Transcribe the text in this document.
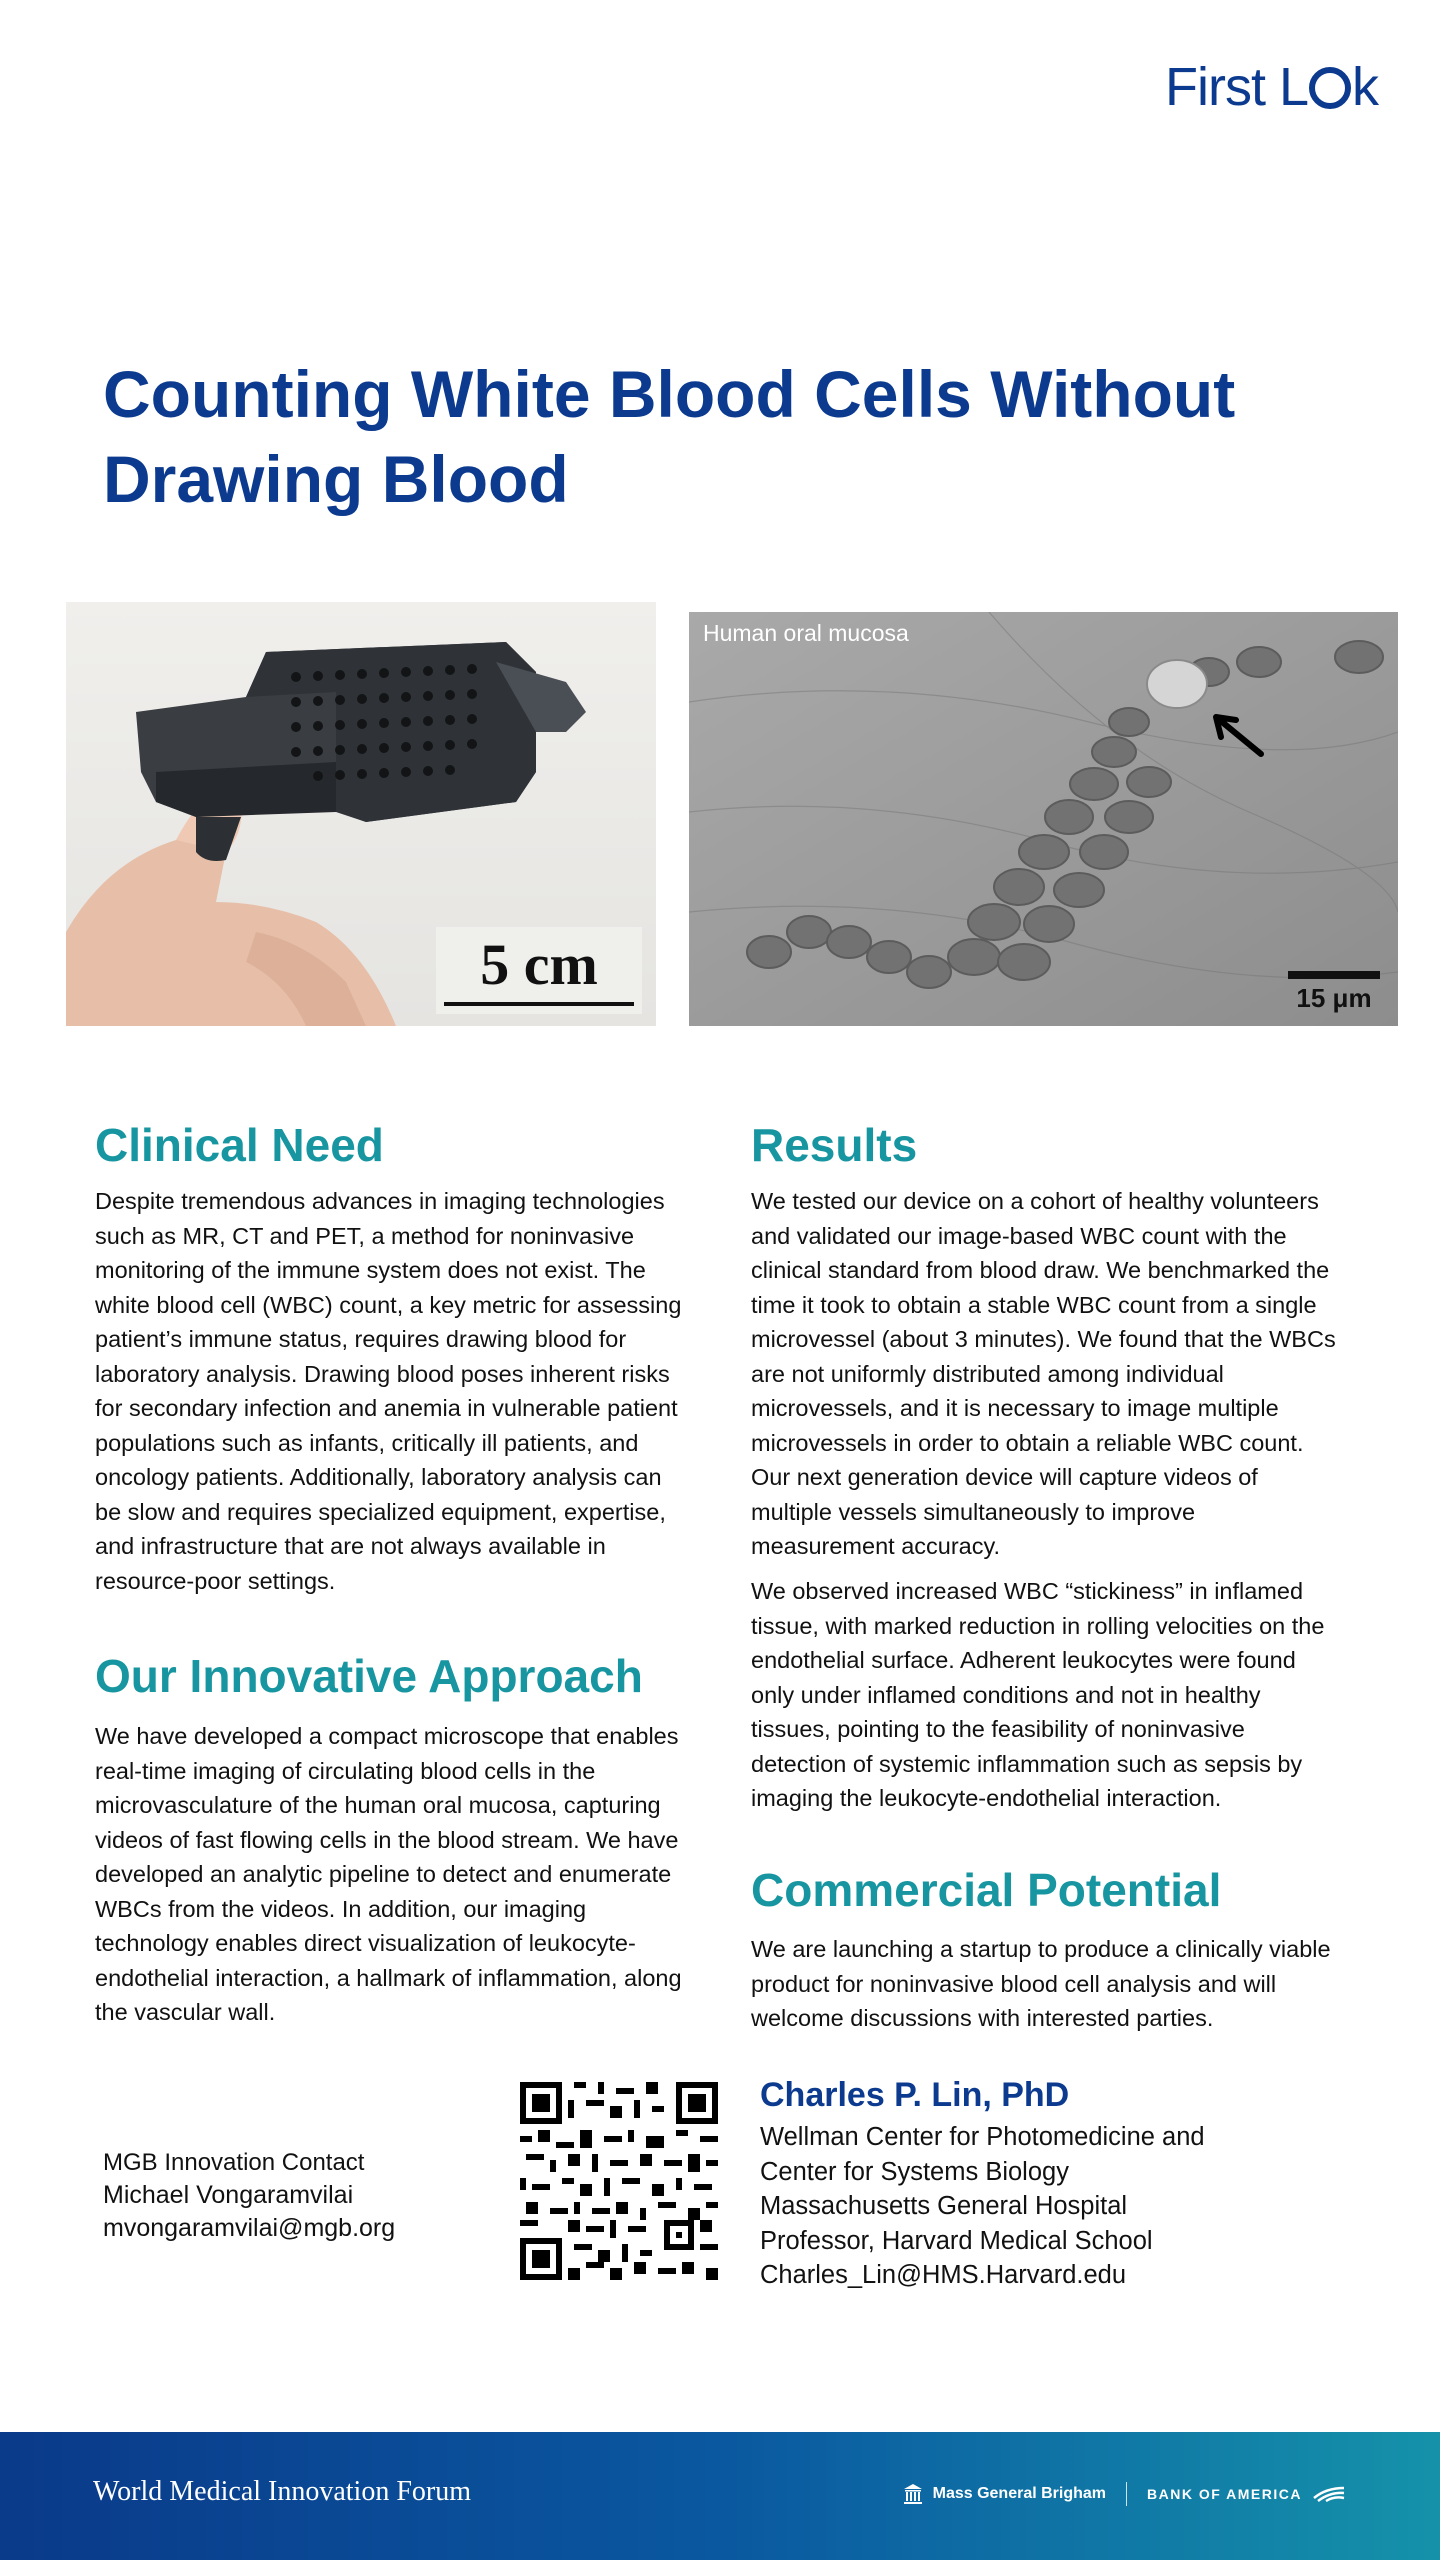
First L k
Counting White Blood Cells Without Drawing Blood
5 cm
Human oral mucosa
15 μm
Clinical Need
Despite tremendous advances in imaging technologies such as MR, CT and PET, a method for noninvasive monitoring of the immune system does not exist. The white blood cell (WBC) count, a key metric for assessing patient’s immune status, requires drawing blood for laboratory analysis. Drawing blood poses inherent risks for secondary infection and anemia in vulnerable patient populations such as infants, critically ill patients, and oncology patients. Additionally, laboratory analysis can be slow and requires specialized equipment, expertise, and infrastructure that are not always available in resource-poor settings.
Our Innovative Approach
We have developed a compact microscope that enables real-time imaging of circulating blood cells in the microvasculature of the human oral mucosa, capturing videos of fast flowing cells in the blood stream. We have developed an analytic pipeline to detect and enumerate WBCs from the videos. In addition, our imaging technology enables direct visualization of leukocyte-endothelial interaction, a hallmark of inflammation, along the vascular wall.
Results
We tested our device on a cohort of healthy volunteers and validated our image-based WBC count with the clinical standard from blood draw. We benchmarked the time it took to obtain a stable WBC count from a single microvessel (about 3 minutes). We found that the WBCs are not uniformly distributed among individual microvessels, and it is necessary to image multiple microvessels in order to obtain a reliable WBC count. Our next generation device will capture videos of multiple vessels simultaneously to improve measurement accuracy.
We observed increased WBC “stickiness” in inflamed tissue, with marked reduction in rolling velocities on the endothelial surface. Adherent leukocytes were found only under inflamed conditions and not in healthy tissues, pointing to the feasibility of noninvasive detection of systemic inflammation such as sepsis by imaging the leukocyte-endothelial interaction.
Commercial Potential
We are launching a startup to produce a clinically viable product for noninvasive blood cell analysis and will welcome discussions with interested parties.
MGB Innovation Contact
Michael Vongaramvilai
mvongaramvilai@mgb.org
Charles P. Lin, PhD
Wellman Center for Photomedicine and
Center for Systems Biology
Massachusetts General Hospital
Professor, Harvard Medical School
Charles_Lin@HMS.Harvard.edu
World Medical Innovation Forum	Mass General Brigham	BANK OF AMERICA
